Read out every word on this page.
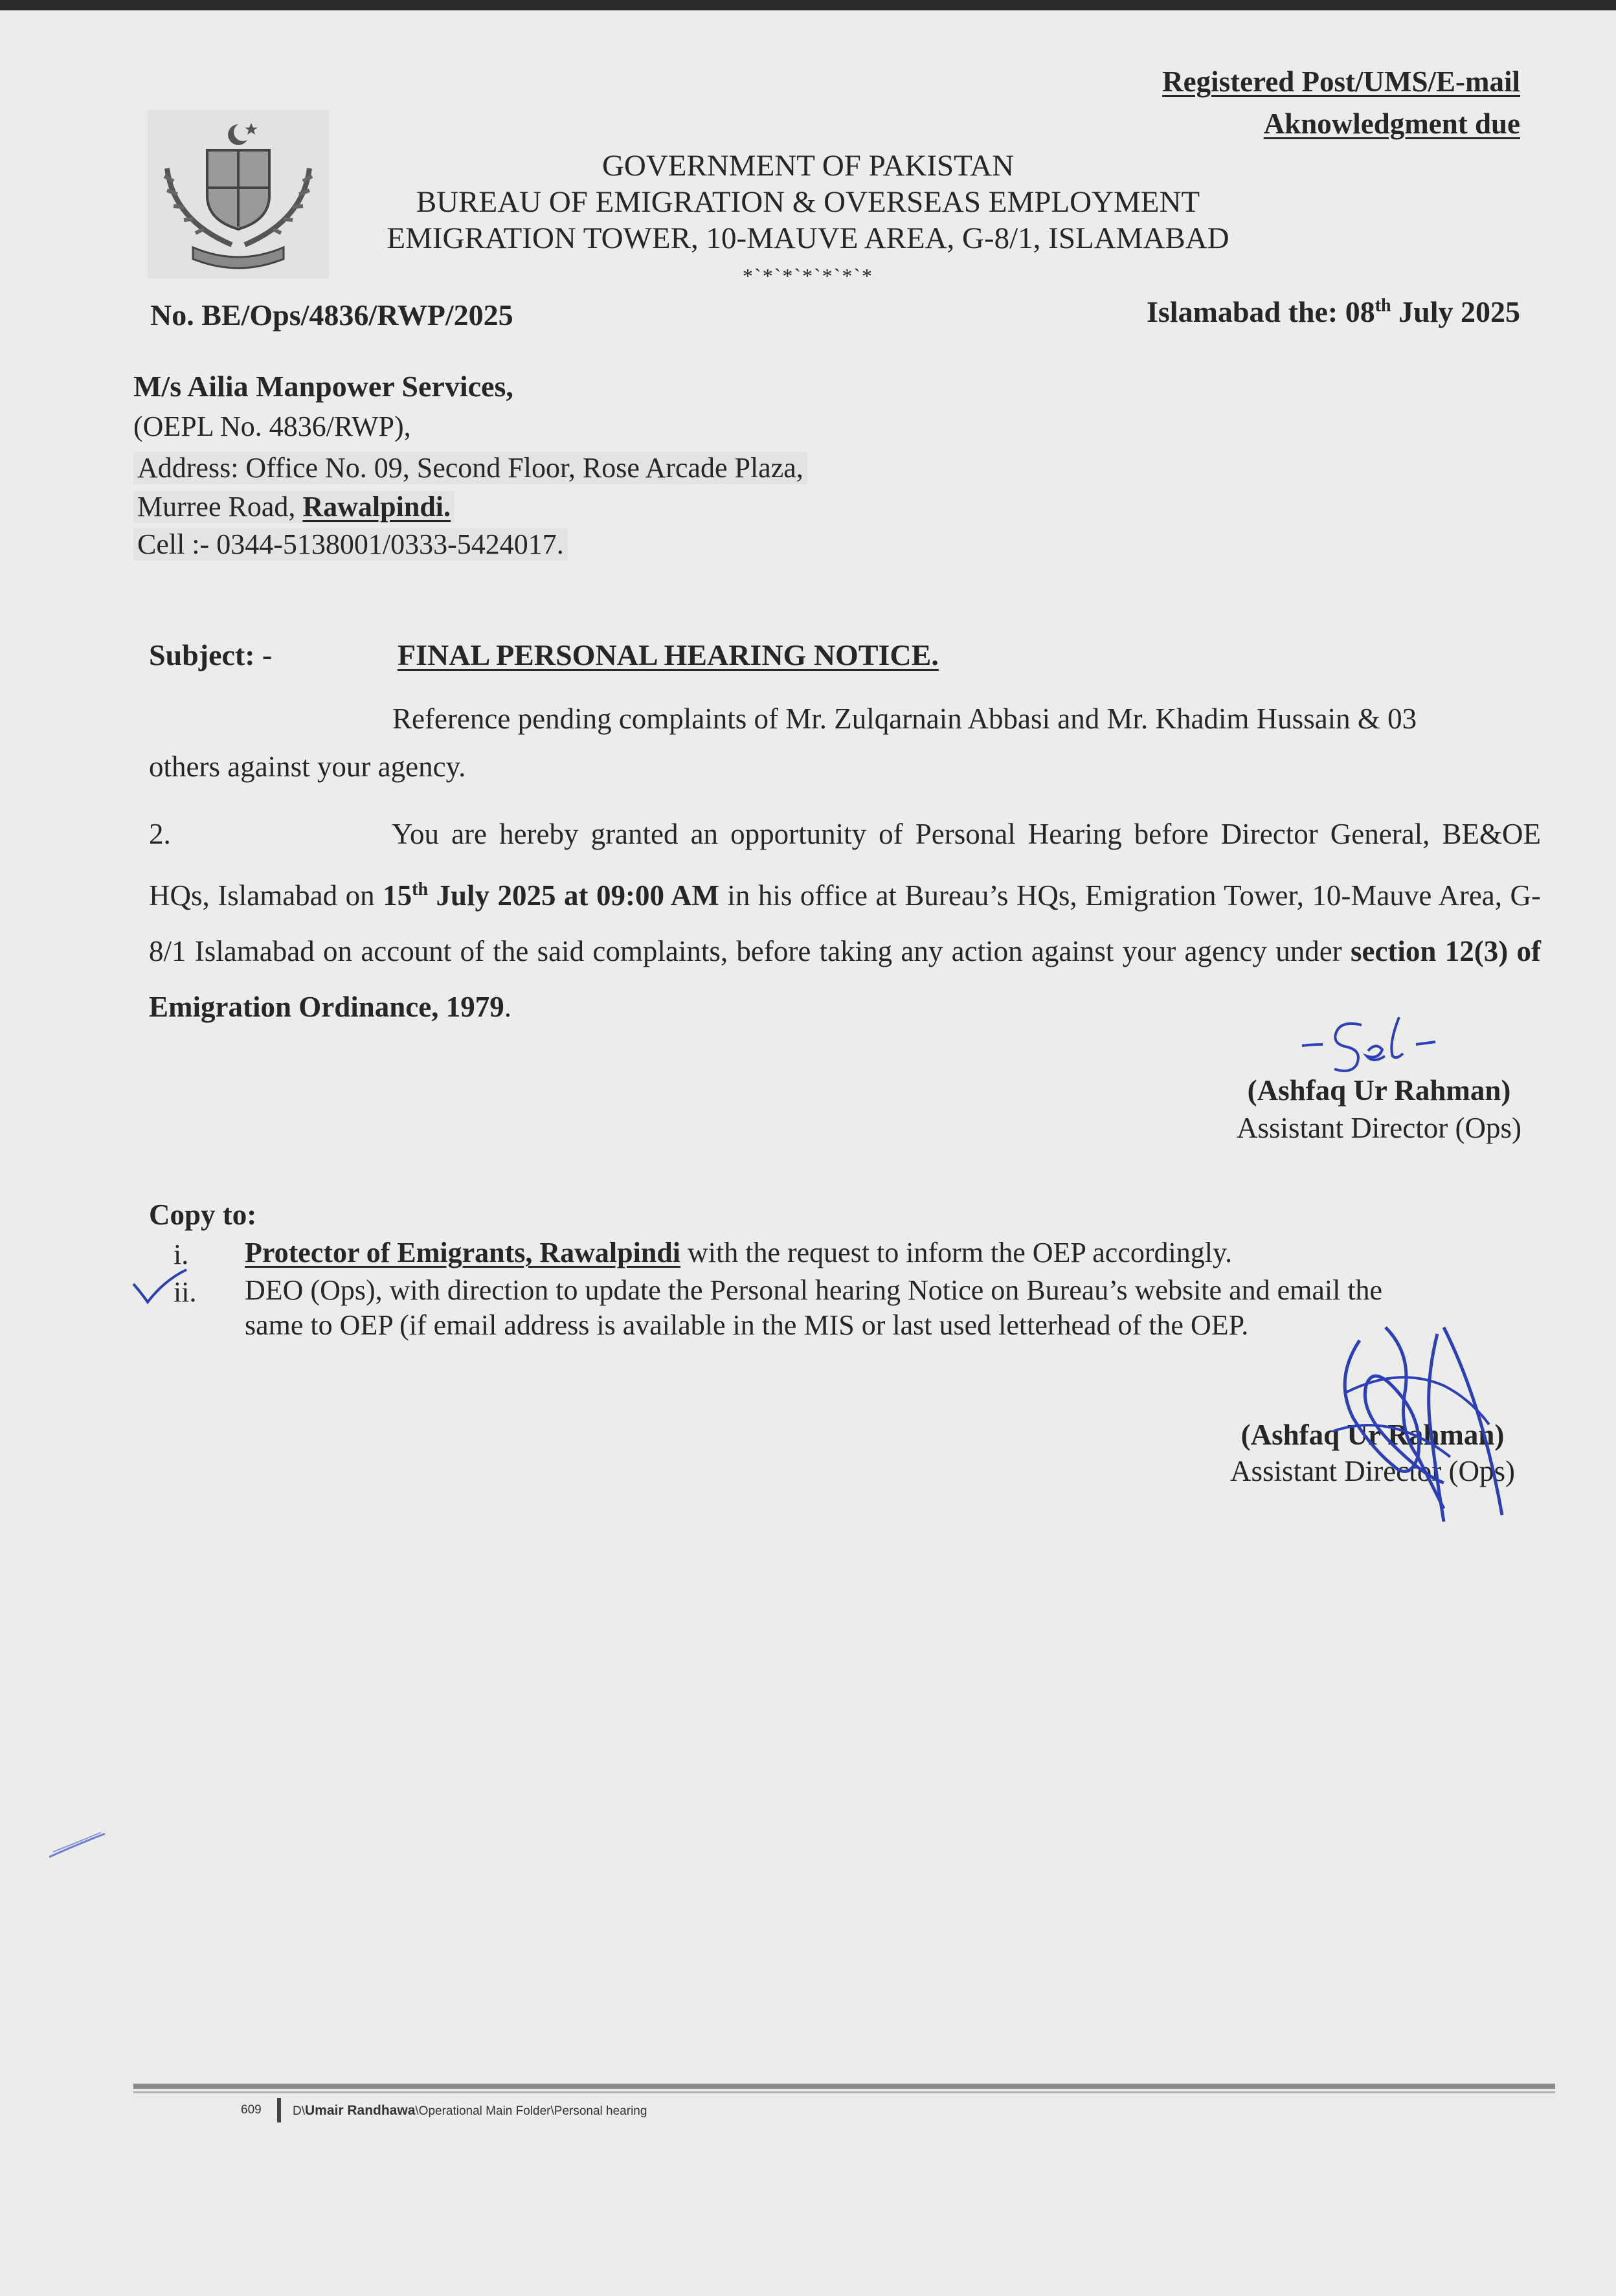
Registered Post/UMS/E-mail
Aknowledgment due
GOVERNMENT OF PAKISTAN
BUREAU OF EMIGRATION & OVERSEAS EMPLOYMENT
EMIGRATION TOWER, 10-MAUVE AREA, G-8/1, ISLAMABAD
*`*`*`*`*`*`*
No. BE/Ops/4836/RWP/2025	Islamabad the: 08th July 2025
M/s Ailia Manpower Services,
(OEPL No. 4836/RWP),
Address: Office No. 09, Second Floor, Rose Arcade Plaza,
Murree Road, Rawalpindi.
Cell :- 0344-5138001/0333-5424017.
Subject: -	FINAL PERSONAL HEARING NOTICE.
Reference pending complaints of Mr. Zulqarnain Abbasi and Mr. Khadim Hussain & 03
others against your agency.
2.	You are hereby granted an opportunity of Personal Hearing before Director General, BE&OE HQs, Islamabad on 15th July 2025 at 09:00 AM in his office at Bureau’s HQs, Emigration Tower, 10-Mauve Area, G-8/1 Islamabad on account of the said complaints, before taking any action against your agency under section 12(3) of Emigration Ordinance, 1979.
(Ashfaq Ur Rahman)
Assistant Director (Ops)
Copy to:
i. Protector of Emigrants, Rawalpindi with the request to inform the OEP accordingly.
ii. DEO (Ops), with direction to update the Personal hearing Notice on Bureau’s website and email the
same to OEP (if email address is available in the MIS or last used letterhead of the OEP.
(Ashfaq Ur Rahman)
Assistant Director (Ops)
609	D\Umair Randhawa\Operational Main Folder\Personal hearing
